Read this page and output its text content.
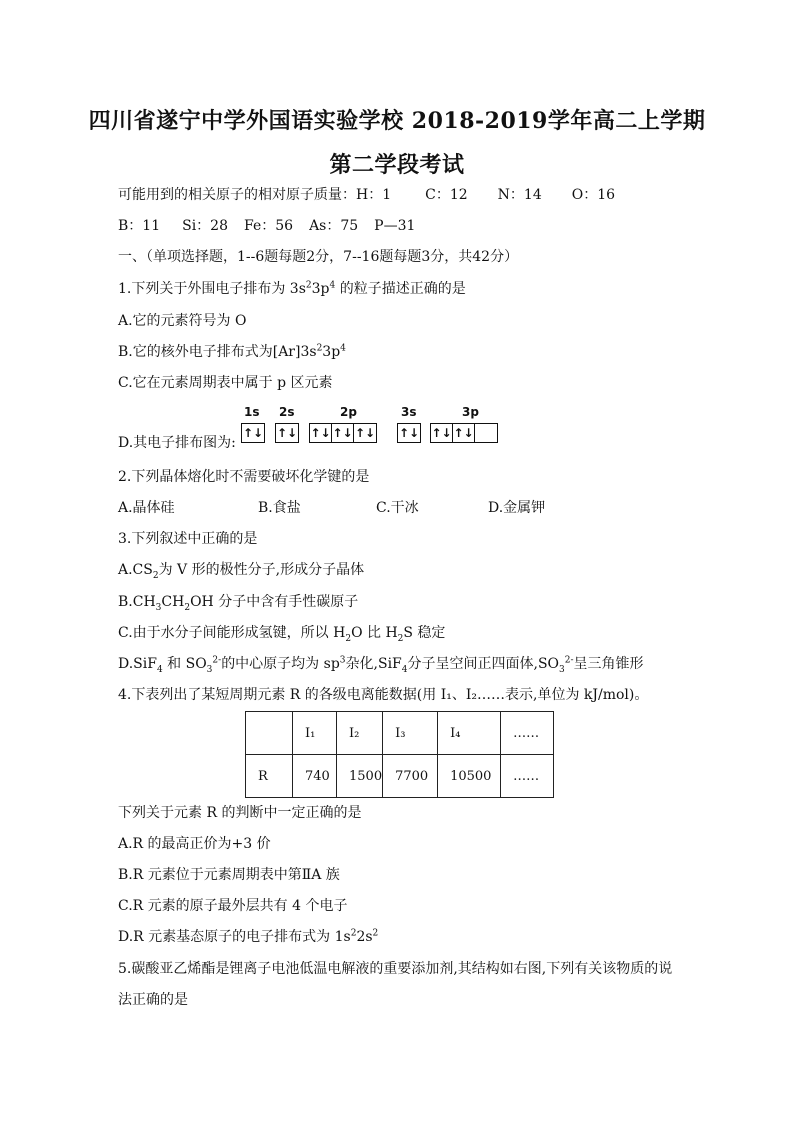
四川省遂宁中学外国语实验学校 2018-2019学年高二上学期
第二学段考试
可能用到的相关原子的相对原子质量：H：1 C：12 N：14 O：16
B：11 Si：28 Fe：56 As：75 P—31
一、（单项选择题，1--6题每题2分，7--16题每题3分，共42分）
1.下列关于外围电子排布为 $3s^23p^4$ 的粒子描述正确的是
A.它的元素符号为 O
B.它的核外电子排布式为$[Ar]3s^23p^4$
C.它在元素周期表中属于 p 区元素
D.其电子排布图为:
1s 2s	2p	3s	3p
↑↓ ↑↓ ↑↓ ↑↓ ↑↓ ↑↓ ↑↓ ↑↓
2.下列晶体熔化时不需要破坏化学键的是
A.晶体硅	B.食盐	C.干冰	D.金属钾
3.下列叙述中正确的是
$A.CS_2$为 V 形的极性分子,形成分子晶体
$B.CH_3CH_2OH$ 分子中含有手性碳原子
C.由于水分子间能形成氢键，所以 $H_2O$ 比 $H_2S$ 稳定
D.SiF$_4$ 和 $SO_3^{2-}$的中心原子均为 $sp^3$杂化,SiF$_4$分子呈空间正四面体$,SO_3^{2-}$呈三角锥形
4.下表列出了某短周期元素 R 的各级电离能数据(用 I₁、I₂……表示,单位为 kJ/mol)。
	I₁	I₂	I₃	I₄	……
R	740	1500	7700	10500	……
下列关于元素 R 的判断中一定正确的是
A.R 的最高正价为+3 价
B.R 元素位于元素周期表中第ⅡA 族
C.R 元素的原子最外层共有 4 个电子
D.R 元素基态原子的电子排布式为 $1s^22s^2$
5.碳酸亚乙烯酯是锂离子电池低温电解液的重要添加剂,其结构如右图,下列有关该物质的说
法正确的是
